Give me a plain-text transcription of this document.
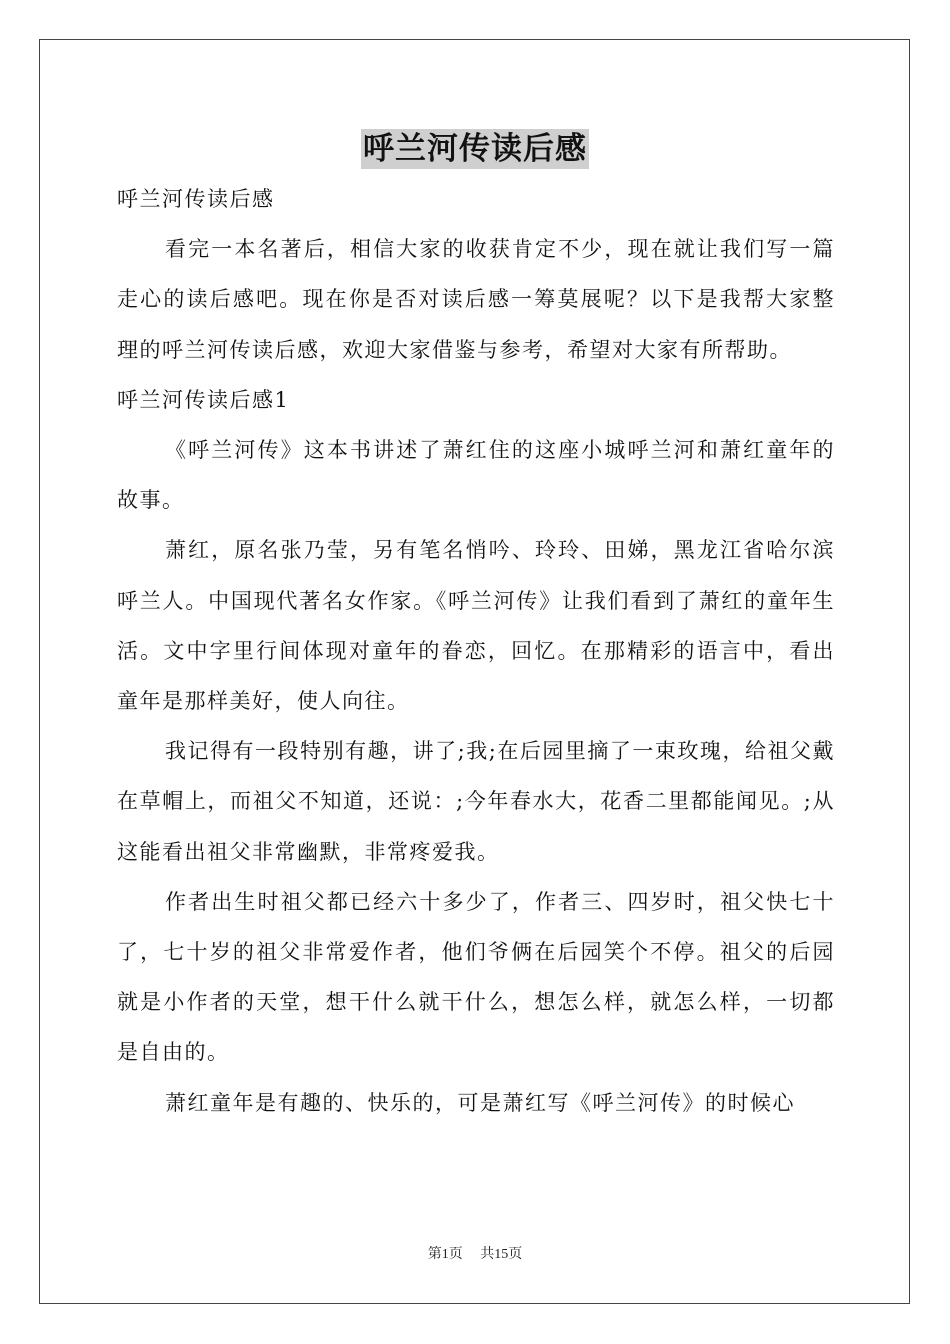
呼兰河传读后感

呼兰河传读后感

看完一本名著后，相信大家的收获肯定不少，现在就让我们写一篇走心的读后感吧。现在你是否对读后感一筹莫展呢？以下是我帮大家整理的呼兰河传读后感，欢迎大家借鉴与参考，希望对大家有所帮助。

呼兰河传读后感1

《呼兰河传》这本书讲述了萧红住的这座小城呼兰河和萧红童年的故事。

萧红，原名张乃莹，另有笔名悄吟、玲玲、田娣，黑龙江省哈尔滨呼兰人。中国现代著名女作家。《呼兰河传》让我们看到了萧红的童年生活。文中字里行间体现对童年的眷恋，回忆。在那精彩的语言中，看出童年是那样美好，使人向往。

我记得有一段特别有趣，讲了;我;在后园里摘了一束玫瑰，给祖父戴在草帽上，而祖父不知道，还说：;今年春水大，花香二里都能闻见。;从这能看出祖父非常幽默，非常疼爱我。

作者出生时祖父都已经六十多少了，作者三、四岁时，祖父快七十了，七十岁的祖父非常爱作者，他们爷俩在后园笑个不停。祖父的后园就是小作者的天堂，想干什么就干什么，想怎么样，就怎么样，一切都是自由的。

萧红童年是有趣的、快乐的，可是萧红写《呼兰河传》的时候心

第1页 共15页
